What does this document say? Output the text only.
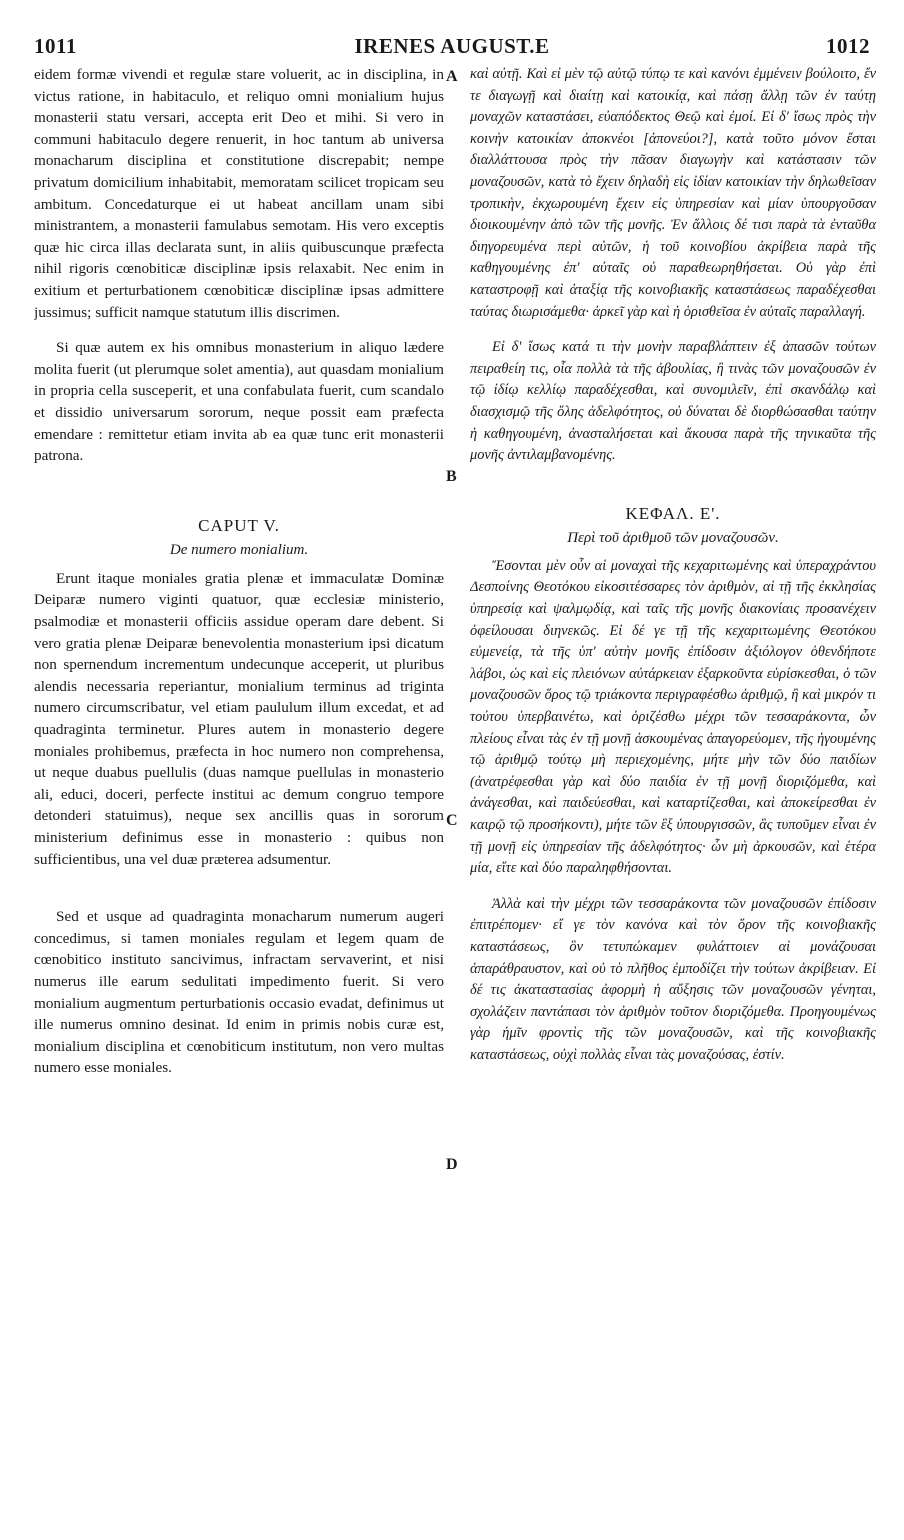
1011	IRENES AUGUST.E	1012

eidem formæ vivendi et regulæ stare voluerit, ac in disciplina, in victus ratione, in habitaculo, et reliquo omni monialium hujus monasterii statu versari, accepta erit Deo et mihi. Si vero in communi habitaculo degere renuerit, in hoc tantum ab universa monacharum disciplina et constitutione discrepabit; nempe privatum domicilium inhabitabit, memoratam scilicet tropicam seu ambitum. Concedaturque ei ut habeat ancillam unam sibi ministrantem, a monasterii famulabus semotam. His vero exceptis quæ hic circa illas declarata sunt, in aliis quibuscunque præfecta nihil rigoris cœnobiticæ disciplinæ ipsis relaxabit. Nec enim in exitium et perturbationem cœnobiticæ disciplinæ ipsas admittere jussimus; sufficit namque statutum illis discrimen.

Si quæ autem ex his omnibus monasterium in aliquo lædere molita fuerit (ut plerumque solet amentia), aut quasdam monialium in propria cella susceperit, et una confabulata fuerit, cum scandalo et dissidio universarum sororum, neque possit eam præfecta emendare : remittetur etiam invita ab ea quæ tunc erit monasterii patrona.

CAPUT V.
De numero monialium.

Erunt itaque moniales gratia plenæ et immaculatæ Dominæ Deiparæ numero viginti quatuor, quæ ecclesiæ ministerio, psalmodiæ et monasterii officiis assidue operam dare debent. Si vero gratia plenæ Deiparæ benevolentia monasterium ipsi dicatum non spernendum incrementum undecunque acceperit, ut pluribus alendis necessaria reperiantur, monialium terminus ad triginta numero circumscribatur, vel etiam paululum illum excedat, et ad quadraginta terminetur. Plures autem in monasterio degere moniales prohibemus, præfecta in hoc numero non comprehensa, ut neque duabus puellulis (duas namque puellulas in monasterio ali, educi, doceri, perfecte institui ac demum congruo tempore detonderi statuimus), neque sex ancillis quas in sororum ministerium definimus esse in monasterio : quibus non sufficientibus, una vel duæ præterea adsumentur.

Sed et usque ad quadraginta monacharum numerum augeri concedimus, si tamen moniales regulam et legem quam de cœnobitico instituto sancivimus, infractam servaverint, et nisi numerus ille earum sedulitati impedimento fuerit. Si vero monialium augmentum perturbationis occasio evadat, definimus ut ille numerus omnino desinat. Id enim in primis nobis curæ est, monialium disciplina et cœnobiticum institutum, non vero multas numero esse moniales.

A
B
C
D

καὶ αὐτῇ. Καὶ εἰ μὲν τῷ αὐτῷ τύπῳ τε καὶ κανόνι ἐμμένειν βούλοιτο, ἔν τε διαγωγῇ καὶ διαίτῃ καὶ κατοικίᾳ, καὶ πάσῃ ἄλλῃ τῶν ἐν ταύτῃ μοναχῶν καταστάσει, εὐαπόδεκτος Θεῷ καὶ ἐμοί. Εἰ δ' ἴσως πρὸς τὴν κοινὴν κατοικίαν ἀποκνέοι [ἀπονεύοι?], κατὰ τοῦτο μόνον ἔσται διαλλάττουσα πρὸς τὴν πᾶσαν διαγωγὴν καὶ κατάστασιν τῶν μοναζουσῶν, κατὰ τὸ ἔχειν δηλαδὴ εἰς ἰδίαν κατοικίαν τὴν δηλωθεῖσαν τροπικὴν, ἐκχωρουμένη ἔχειν εἰς ὑπηρεσίαν καὶ μίαν ὑπουργοῦσαν διοικουμένην ἀπὸ τῶν τῆς μονῆς. Ἐν ἄλλοις δέ τισι παρὰ τὰ ἐνταῦθα διηγορευμένα περὶ αὐτῶν, ἡ τοῦ κοινοβίου ἀκρίβεια παρὰ τῆς καθηγουμένης ἐπ' αὐταῖς οὐ παραθεωρηθήσεται. Οὐ γὰρ ἐπὶ καταστροφῇ καὶ ἀταξίᾳ τῆς κοινοβιακῆς καταστάσεως παραδέχεσθαι ταύτας διωρισάμεθα· ἀρκεῖ γὰρ καὶ ἡ ὁρισθεῖσα ἐν αὐταῖς παραλλαγή.

Εἰ δ' ἴσως κατά τι τὴν μονὴν παραβλάπτειν ἐξ ἁπασῶν τούτων πειραθείη τις, οἷα πολλὰ τὰ τῆς ἀβουλίας, ἢ τινὰς τῶν μοναζουσῶν ἐν τῷ ἰδίῳ κελλίῳ παραδέχεσθαι, καὶ συνομιλεῖν, ἐπὶ σκανδάλῳ καὶ διασχισμῷ τῆς ὅλης ἀδελφότητος, οὐ δύναται δὲ διορθώσασθαι ταύτην ἡ καθηγουμένη, ἀνασταλήσεται καὶ ἄκουσα παρὰ τῆς τηνικαῦτα τῆς μονῆς ἀντιλαμβανομένης.

ΚΕΦΑΛ. Ε'.
Περὶ τοῦ ἀριθμοῦ τῶν μοναζουσῶν.

Ἔσονται μὲν οὖν αἱ μοναχαὶ τῆς κεχαριτωμένης καὶ ὑπεραχράντου Δεσποίνης Θεοτόκου εἰκοσιτέσσαρες τὸν ἀριθμὸν, αἱ τῇ τῆς ἐκκλησίας ὑπηρεσίᾳ καὶ ψαλμῳδίᾳ, καὶ ταῖς τῆς μονῆς διακονίαις προσανέχειν ὀφείλουσαι διηνεκῶς. Εἰ δέ γε τῇ τῆς κεχαριτωμένης Θεοτόκου εὐμενείᾳ, τὰ τῆς ὑπ' αὐτὴν μονῆς ἐπίδοσιν ἀξιόλογον ὁθενδήποτε λάβοι, ὡς καὶ εἰς πλειόνων αὐτάρκειαν ἐξαρκοῦντα εὑρίσκεσθαι, ὁ τῶν μοναζουσῶν ὅρος τῷ τριάκοντα περιγραφέσθω ἀριθμῷ, ἢ καὶ μικρόν τι τούτου ὑπερβαινέτω, καὶ ὁριζέσθω μέχρι τῶν τεσσαράκοντα, ὧν πλείους εἶναι τὰς ἐν τῇ μονῇ ἀσκουμένας ἀπαγορεύομεν, τῆς ἡγουμένης τῷ ἀριθμῷ τούτῳ μὴ περιεχομένης, μήτε μὴν τῶν δύο παιδίων (ἀνατρέφεσθαι γὰρ καὶ δύο παιδία ἐν τῇ μονῇ διοριζόμεθα, καὶ ἀνάγεσθαι, καὶ παιδεύεσθαι, καὶ καταρτίζεσθαι, καὶ ἀποκείρεσθαι ἐν καιρῷ τῷ προσήκοντι), μήτε τῶν ἓξ ὑπουργισσῶν, ἃς τυποῦμεν εἶναι ἐν τῇ μονῇ εἰς ὑπηρεσίαν τῆς ἀδελφότητος· ὧν μὴ ἀρκουσῶν, καὶ ἑτέρα μία, εἴτε καὶ δύο παραληφθήσονται.

Ἀλλὰ καὶ τὴν μέχρι τῶν τεσσαράκοντα τῶν μοναζουσῶν ἐπίδοσιν ἐπιτρέπομεν· εἴ γε τὸν κανόνα καὶ τὸν ὅρον τῆς κοινοβιακῆς καταστάσεως, ὃν τετυπώκαμεν φυλάττοιεν αἱ μονάζουσαι ἀπαράθραυστον, καὶ οὐ τὸ πλῆθος ἐμποδίζει τὴν τούτων ἀκρίβειαν. Εἰ δέ τις ἀκαταστασίας ἀφορμὴ ἡ αὔξησις τῶν μοναζουσῶν γένηται, σχολάζειν παντάπασι τὸν ἀριθμὸν τοῦτον διοριζόμεθα. Προηγουμένως γὰρ ἡμῖν φροντὶς τῆς τῶν μοναζουσῶν, καὶ τῆς κοινοβιακῆς καταστάσεως, οὐχὶ πολλὰς εἶναι τὰς μοναζούσας, ἐστίν.
